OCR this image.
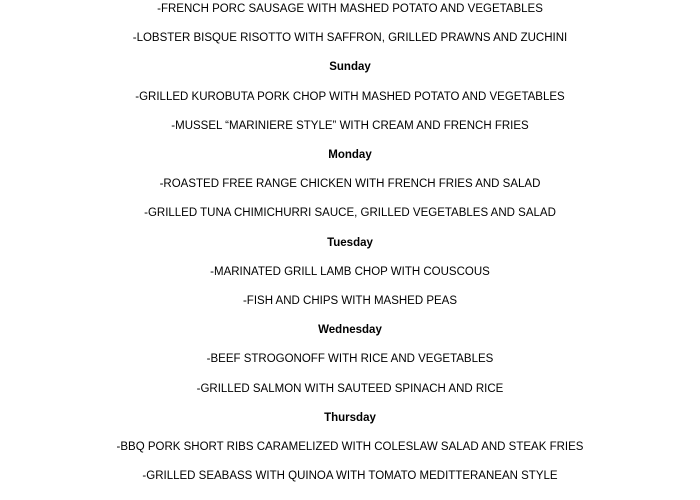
-FRENCH PORC SAUSAGE WITH MASHED POTATO AND VEGETABLES
-LOBSTER BISQUE RISOTTO WITH SAFFRON, GRILLED PRAWNS AND ZUCHINI
Sunday
-GRILLED KUROBUTA PORK CHOP WITH MASHED POTATO AND VEGETABLES
-MUSSEL “MARINIERE STYLE” WITH CREAM AND FRENCH FRIES
Monday
-ROASTED FREE RANGE CHICKEN WITH FRENCH FRIES AND SALAD
-GRILLED TUNA CHIMICHURRI SAUCE, GRILLED VEGETABLES AND SALAD
Tuesday
-MARINATED GRILL LAMB CHOP WITH COUSCOUS
-FISH AND CHIPS WITH MASHED PEAS
Wednesday
-BEEF STROGONOFF WITH RICE AND VEGETABLES
-GRILLED SALMON WITH SAUTEED SPINACH AND RICE
Thursday
-BBQ PORK SHORT RIBS CARAMELIZED WITH COLESLAW SALAD AND STEAK FRIES
-GRILLED SEABASS WITH QUINOA WITH TOMATO MEDITTERANEAN STYLE
